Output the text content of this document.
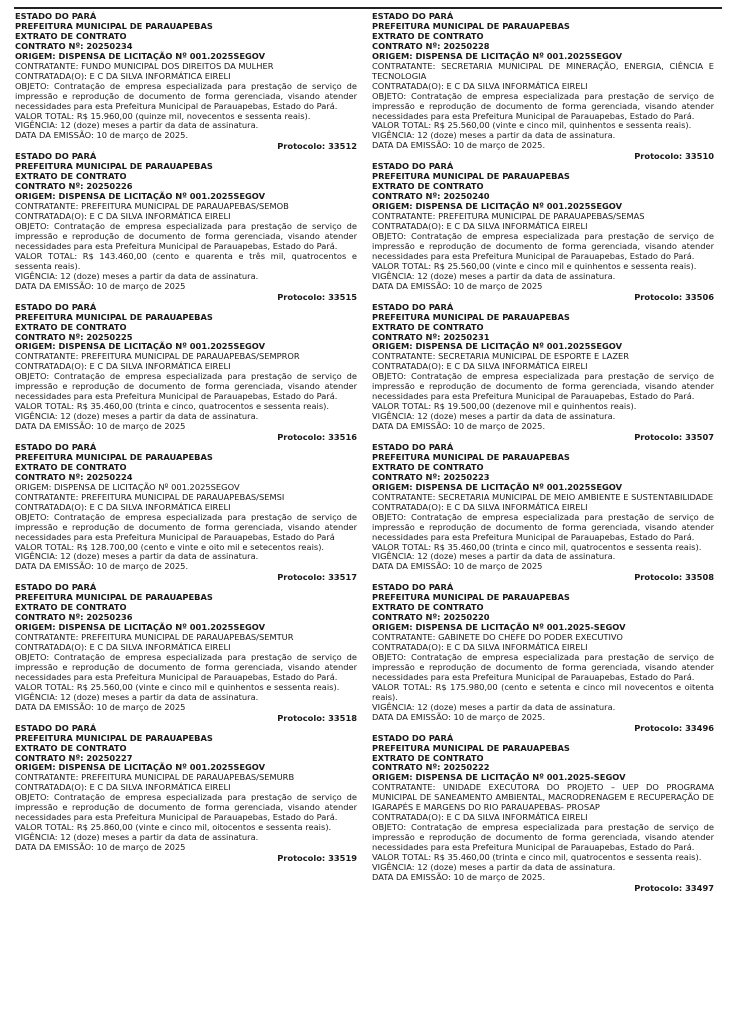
ESTADO DO PARÁ
PREFEITURA MUNICIPAL DE PARAUAPEBAS
EXTRATO DE CONTRATO
CONTRATO Nº: 20250234
ORIGEM: DISPENSA DE LICITAÇÃO Nº 001.2025SEGOV
CONTRATANTE: FUNDO MUNICIPAL DOS DIREITOS DA MULHER
CONTRATADA(O): E C DA SILVA INFORMÁTICA EIRELI
OBJETO: Contratação de empresa especializada para prestação de serviço de impressão e reprodução de documento de forma gerenciada, visando atender necessidades para esta Prefeitura Municipal de Parauapebas, Estado do Pará.
VALOR TOTAL: R$ 15.960,00 (quinze mil, novecentos e sessenta reais).
VIGÊNCIA: 12 (doze) meses a partir da data de assinatura.
DATA DA EMISSÃO: 10 de março de 2025.
Protocolo: 33512
ESTADO DO PARÁ
PREFEITURA MUNICIPAL DE PARAUAPEBAS
EXTRATO DE CONTRATO
CONTRATO Nº: 20250226
ORIGEM: DISPENSA DE LICITAÇÃO Nº 001.2025SEGOV
CONTRATANTE: PREFEITURA MUNICIPAL DE PARAUAPEBAS/SEMOB
CONTRATADA(O): E C DA SILVA INFORMÁTICA EIRELI
OBJETO: Contratação de empresa especializada para prestação de serviço de impressão e reprodução de documento de forma gerenciada, visando atender necessidades para esta Prefeitura Municipal de Parauapebas, Estado do Pará.
VALOR TOTAL: R$ 143.460,00 (cento e quarenta e três mil, quatrocentos e sessenta reais).
VIGÊNCIA: 12 (doze) meses a partir da data de assinatura.
DATA DA EMISSÃO: 10 de março de 2025
Protocolo: 33515
ESTADO DO PARÁ
PREFEITURA MUNICIPAL DE PARAUAPEBAS
EXTRATO DE CONTRATO
CONTRATO Nº: 20250225
ORIGEM: DISPENSA DE LICITAÇÃO Nº 001.2025SEGOV
CONTRATANTE: PREFEITURA MUNICIPAL DE PARAUAPEBAS/SEMPROR
CONTRATADA(O): E C DA SILVA INFORMÁTICA EIRELI
OBJETO: Contratação de empresa especializada para prestação de serviço de impressão e reprodução de documento de forma gerenciada, visando atender necessidades para esta Prefeitura Municipal de Parauapebas, Estado do Pará.
VALOR TOTAL: R$ 35.460,00 (trinta e cinco, quatrocentos e sessenta reais).
VIGÊNCIA: 12 (doze) meses a partir da data de assinatura.
DATA DA EMISSÃO: 10 de março de 2025
Protocolo: 33516
ESTADO DO PARÁ
PREFEITURA MUNICIPAL DE PARAUAPEBAS
EXTRATO DE CONTRATO
CONTRATO Nº: 20250224
ORIGEM: DISPENSA DE LICITAÇÃO Nº 001.2025SEGOV
CONTRATANTE: PREFEITURA MUNICIPAL DE PARAUAPEBAS/SEMSI
CONTRATADA(O): E C DA SILVA INFORMÁTICA EIRELI
OBJETO: Contratação de empresa especializada para prestação de serviço de impressão e reprodução de documento de forma gerenciada, visando atender necessidades para esta Prefeitura Municipal de Parauapebas, Estado do Pará
VALOR TOTAL: R$ 128.700,00 (cento e vinte e oito mil e setecentos reais).
VIGÊNCIA: 12 (doze) meses a partir da data de assinatura.
DATA DA EMISSÃO: 10 de março de 2025.
Protocolo: 33517
ESTADO DO PARÁ
PREFEITURA MUNICIPAL DE PARAUAPEBAS
EXTRATO DE CONTRATO
CONTRATO Nº: 20250236
ORIGEM: DISPENSA DE LICITAÇÃO Nº 001.2025SEGOV
CONTRATANTE: PREFEITURA MUNICIPAL DE PARAUAPEBAS/SEMTUR
CONTRATADA(O): E C DA SILVA INFORMÁTICA EIRELI
OBJETO: Contratação de empresa especializada para prestação de serviço de impressão e reprodução de documento de forma gerenciada, visando atender necessidades para esta Prefeitura Municipal de Parauapebas, Estado do Pará.
VALOR TOTAL: R$ 25.560,00 (vinte e cinco mil e quinhentos e sessenta reais).
VIGÊNCIA: 12 (doze) meses a partir da data de assinatura.
DATA DA EMISSÃO: 10 de março de 2025
Protocolo: 33518
ESTADO DO PARÁ
PREFEITURA MUNICIPAL DE PARAUAPEBAS
EXTRATO DE CONTRATO
CONTRATO Nº: 20250227
ORIGEM: DISPENSA DE LICITAÇÃO Nº 001.2025SEGOV
CONTRATANTE: PREFEITURA MUNICIPAL DE PARAUAPEBAS/SEMURB
CONTRATADA(O): E C DA SILVA INFORMÁTICA EIRELI
OBJETO: Contratação de empresa especializada para prestação de serviço de impressão e reprodução de documento de forma gerenciada, visando atender necessidades para esta Prefeitura Municipal de Parauapebas, Estado do Pará.
VALOR TOTAL: R$ 25.860,00 (vinte e cinco mil, oitocentos e sessenta reais).
VIGÊNCIA: 12 (doze) meses a partir da data de assinatura.
DATA DA EMISSÃO: 10 de março de 2025
Protocolo: 33519
ESTADO DO PARÁ
PREFEITURA MUNICIPAL DE PARAUAPEBAS
EXTRATO DE CONTRATO
CONTRATO Nº: 20250228
ORIGEM: DISPENSA DE LICITAÇÃO Nº 001.2025SEGOV
CONTRATANTE: SECRETARIA MUNICIPAL DE MINERAÇÃO, ENERGIA, CIÊNCIA E TECNOLOGIA
CONTRATADA(O): E C DA SILVA INFORMÁTICA EIRELI
OBJETO: Contratação de empresa especializada para prestação de serviço de impressão e reprodução de documento de forma gerenciada, visando atender necessidades para esta Prefeitura Municipal de Parauapebas, Estado do Pará.
VALOR TOTAL: R$ 25.560,00 (vinte e cinco mil, quinhentos e sessenta reais).
VIGÊNCIA: 12 (doze) meses a partir da data de assinatura.
DATA DA EMISSÃO: 10 de março de 2025.
Protocolo: 33510
ESTADO DO PARÁ
PREFEITURA MUNICIPAL DE PARAUAPEBAS
EXTRATO DE CONTRATO
CONTRATO Nº: 20250240
ORIGEM: DISPENSA DE LICITAÇÃO Nº 001.2025SEGOV
CONTRATANTE: PREFEITURA MUNICIPAL DE PARAUAPEBAS/SEMAS
CONTRATADA(O): E C DA SILVA INFORMÁTICA EIRELI
OBJETO: Contratação de empresa especializada para prestação de serviço de impressão e reprodução de documento de forma gerenciada, visando atender necessidades para esta Prefeitura Municipal de Parauapebas, Estado do Pará.
VALOR TOTAL: R$ 25.560,00 (vinte e cinco mil e quinhentos e sessenta reais).
VIGÊNCIA: 12 (doze) meses a partir da data de assinatura.
DATA DA EMISSÃO: 10 de março de 2025
Protocolo: 33506
ESTADO DO PARÁ
PREFEITURA MUNICIPAL DE PARAUAPEBAS
EXTRATO DE CONTRATO
CONTRATO Nº: 20250231
ORIGEM: DISPENSA DE LICITAÇÃO Nº 001.2025SEGOV
CONTRATANTE: SECRETARIA MUNICIPAL DE ESPORTE E LAZER
CONTRATADA(O): E C DA SILVA INFORMÁTICA EIRELI
OBJETO: Contratação de empresa especializada para prestação de serviço de impressão e reprodução de documento de forma gerenciada, visando atender necessidades para esta Prefeitura Municipal de Parauapebas, Estado do Pará.
VALOR TOTAL: R$ 19.500,00 (dezenove mil e quinhentos reais).
VIGÊNCIA: 12 (doze) meses a partir da data de assinatura.
DATA DA EMISSÃO: 10 de março de 2025.
Protocolo: 33507
ESTADO DO PARÁ
PREFEITURA MUNICIPAL DE PARAUAPEBAS
EXTRATO DE CONTRATO
CONTRATO Nº: 20250223
ORIGEM: DISPENSA DE LICITAÇÃO Nº 001.2025SEGOV
CONTRATANTE: SECRETARIA MUNICIPAL DE MEIO AMBIENTE E SUSTENTABILIDADE
CONTRATADA(O): E C DA SILVA INFORMÁTICA EIRELI
OBJETO: Contratação de empresa especializada para prestação de serviço de impressão e reprodução de documento de forma gerenciada, visando atender necessidades para esta Prefeitura Municipal de Parauapebas, Estado do Pará.
VALOR TOTAL: R$ 35.460,00 (trinta e cinco mil, quatrocentos e sessenta reais).
VIGÊNCIA: 12 (doze) meses a partir da data de assinatura.
DATA DA EMISSÃO: 10 de março de 2025
Protocolo: 33508
ESTADO DO PARÁ
PREFEITURA MUNICIPAL DE PARAUAPEBAS
EXTRATO DE CONTRATO
CONTRATO Nº: 20250220
ORIGEM: DISPENSA DE LICITAÇÃO Nº 001.2025-SEGOV
CONTRATANTE: GABINETE DO CHEFE DO PODER EXECUTIVO
CONTRATADA(O): E C DA SILVA INFORMÁTICA EIRELI
OBJETO: Contratação de empresa especializada para prestação de serviço de impressão e reprodução de documento de forma gerenciada, visando atender necessidades para esta Prefeitura Municipal de Parauapebas, Estado do Pará.
VALOR TOTAL: R$ 175.980,00 (cento e setenta e cinco mil novecentos e oitenta reais).
VIGÊNCIA: 12 (doze) meses a partir da data de assinatura.
DATA DA EMISSÃO: 10 de março de 2025.
Protocolo: 33496
ESTADO DO PARÁ
PREFEITURA MUNICIPAL DE PARAUAPEBAS
EXTRATO DE CONTRATO
CONTRATO Nº: 20250222
ORIGEM: DISPENSA DE LICITAÇÃO Nº 001.2025-SEGOV
CONTRATANTE: UNIDADE EXECUTORA DO PROJETO – UEP DO PROGRAMA MUNICIPAL DE SANEAMENTO AMBIENTAL, MACRODRENAGEM E RECUPERAÇÃO DE IGARAPÉS E MARGENS DO RIO PARAUAPEBAS- PROSAP
CONTRATADA(O): E C DA SILVA INFORMÁTICA EIRELI
OBJETO: Contratação de empresa especializada para prestação de serviço de impressão e reprodução de documento de forma gerenciada, visando atender necessidades para esta Prefeitura Municipal de Parauapebas, Estado do Pará.
VALOR TOTAL: R$ 35.460,00 (trinta e cinco mil, quatrocentos e sessenta reais).
VIGÊNCIA: 12 (doze) meses a partir da data de assinatura.
DATA DA EMISSÃO: 10 de março de 2025.
Protocolo: 33497
